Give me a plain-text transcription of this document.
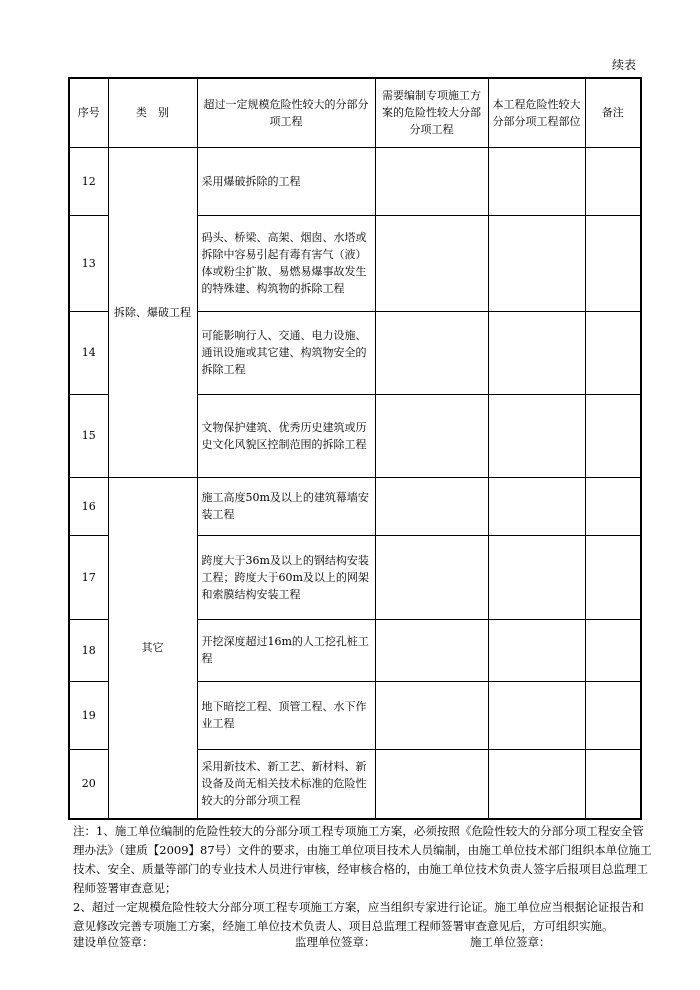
续表
序号	类　别	超过一定规模危险性较大的分部分项工程	需要编制专项施工方案的危险性较大分部分项工程	本工程危险性较大分部分项工程部位	备注
12	拆除、爆破工程	采用爆破拆除的工程			
13		码头、桥梁、高架、烟囱、水塔或拆除中容易引起有毒有害气（液）体或粉尘扩散、易燃易爆事故发生的特殊建、构筑物的拆除工程			
14		可能影响行人、交通、电力设施、通讯设施或其它建、构筑物安全的拆除工程			
15		文物保护建筑、优秀历史建筑或历史文化风貌区控制范围的拆除工程			
16	其它	施工高度50m及以上的建筑幕墙安装工程			
17		跨度大于36m及以上的钢结构安装工程；跨度大于60m及以上的网架和索膜结构安装工程			
18		开挖深度超过16m的人工挖孔桩工程			
19		地下暗挖工程、顶管工程、水下作业工程			
20		采用新技术、新工艺、新材料、新设备及尚无相关技术标准的危险性较大的分部分项工程			

注：1、施工单位编制的危险性较大的分部分项工程专项施工方案，必须按照《危险性较大的分部分项工程安全管理办法》（建质【2009】87号）文件的要求，由施工单位项目技术人员编制，由施工单位技术部门组织本单位施工技术、安全、质量等部门的专业技术人员进行审核，经审核合格的，由施工单位技术负责人签字后报项目总监理工程师签署审查意见；

2、超过一定规模危险性较大分部分项工程专项施工方案，应当组织专家进行论证。施工单位应当根据论证报告和意见修改完善专项施工方案，经施工单位技术负责人、项目总监理工程师签署审查意见后，方可组织实施。

建设单位签章：	监理单位签章：	施工单位签章：
